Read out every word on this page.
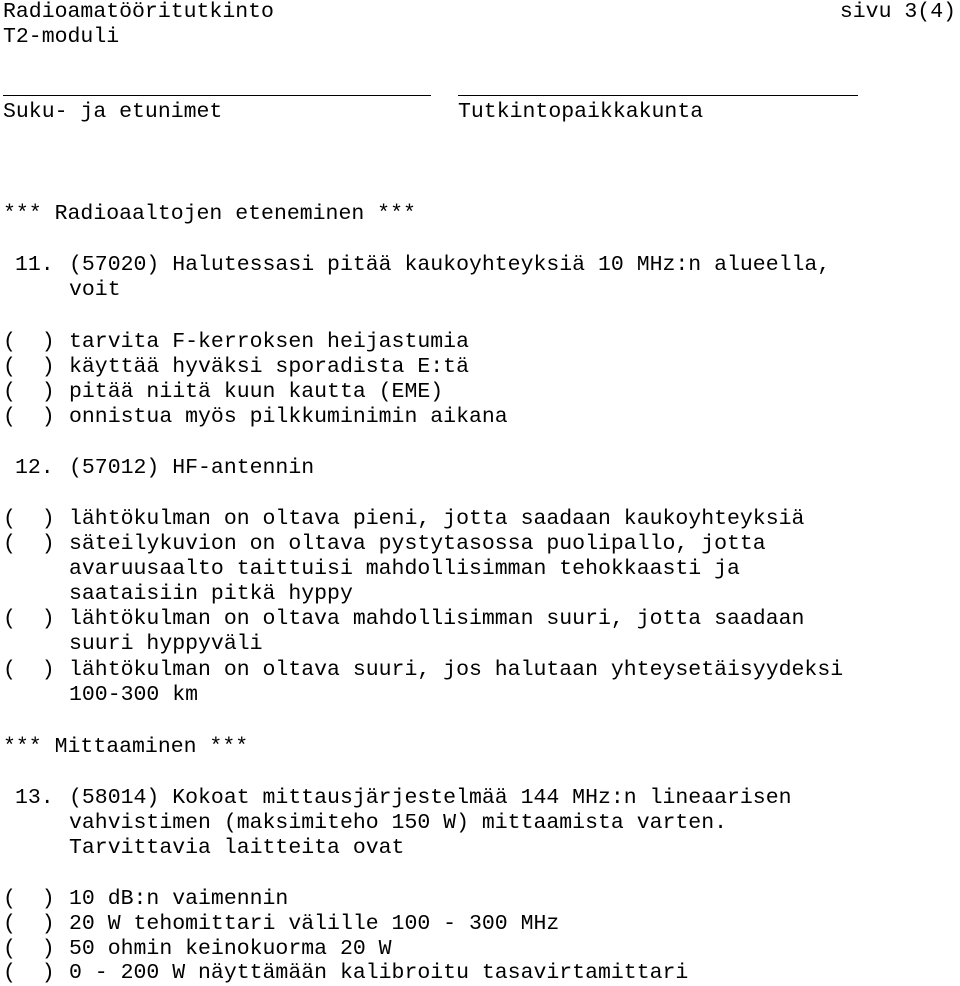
Radioamatööritutkinto	sivu 3(4)
T2-moduli
Suku- ja etunimet	Tutkintopaikkakunta
*** Radioaaltojen eteneminen ***
11. (57020) Halutessasi pitää kaukoyhteyksiä 10 MHz:n alueella,
voit
(  ) tarvita F-kerroksen heijastumia
(  ) käyttää hyväksi sporadista E:tä
(  ) pitää niitä kuun kautta (EME)
(  ) onnistua myös pilkkuminimin aikana
12. (57012) HF-antennin
(  ) lähtökulman on oltava pieni, jotta saadaan kaukoyhteyksiä
(  ) säteilykuvion on oltava pystytasossa puolipallo, jotta
avaruusaalto taittuisi mahdollisimman tehokkaasti ja
saataisiin pitkä hyppy
(  ) lähtökulman on oltava mahdollisimman suuri, jotta saadaan
suuri hyppyväli
(  ) lähtökulman on oltava suuri, jos halutaan yhteysetäisyydeksi
100-300 km
*** Mittaaminen ***
13. (58014) Kokoat mittausjärjestelmää 144 MHz:n lineaarisen
vahvistimen (maksimiteho 150 W) mittaamista varten.
Tarvittavia laitteita ovat
(  ) 10 dB:n vaimennin
(  ) 20 W tehomittari välille 100 - 300 MHz
(  ) 50 ohmin keinokuorma 20 W
(  ) 0 - 200 W näyttämään kalibroitu tasavirtamittari
